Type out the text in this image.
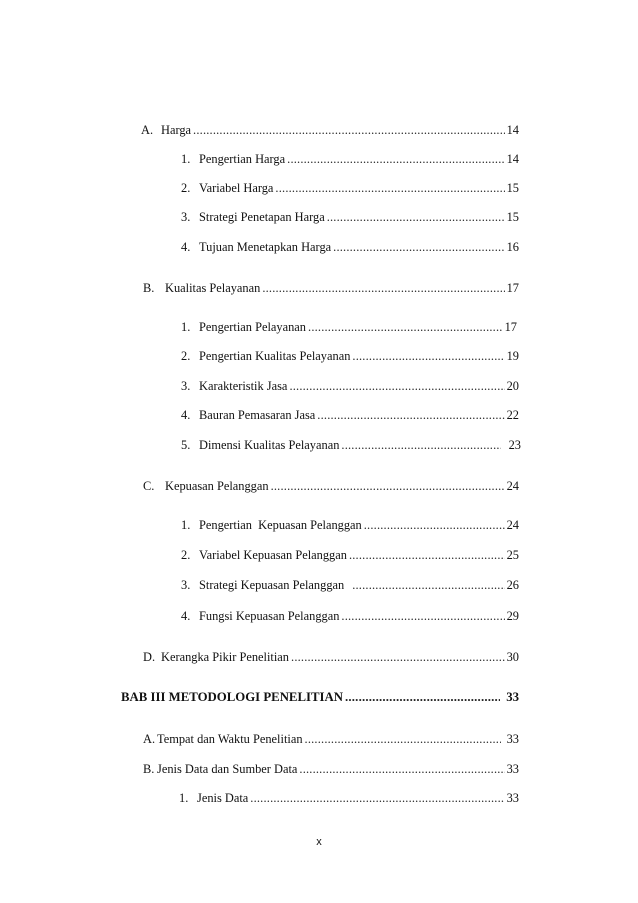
A. Harga .....	14
1. Pengertian Harga .....	14
2. Variabel Harga .....	15
3. Strategi Penetapan Harga .....	15
4. Tujuan Menetapkan Harga .....	16
B. Kualitas Pelayanan .....	17
1. Pengertian Pelayanan .....	17
2. Pengertian Kualitas Pelayanan .....	19
3. Karakteristik Jasa .....	20
4. Bauran Pemasaran Jasa .....	22
5. Dimensi Kualitas Pelayanan .....	23
C. Kepuasan Pelanggan .....	24
1. Pengertian  Kepuasan Pelanggan .....	24
2. Variabel Kepuasan Pelanggan .....	25
3. Strategi Kepuasan Pelanggan .....	26
4. Fungsi Kepuasan Pelanggan .....	29
D. Kerangka Pikir Penelitian .....	30
BAB III METODOLOGI PENELITIAN .....	33
A. Tempat dan Waktu Penelitian .....	33
B. Jenis Data dan Sumber Data .....	33
1. Jenis Data .....	33
x
